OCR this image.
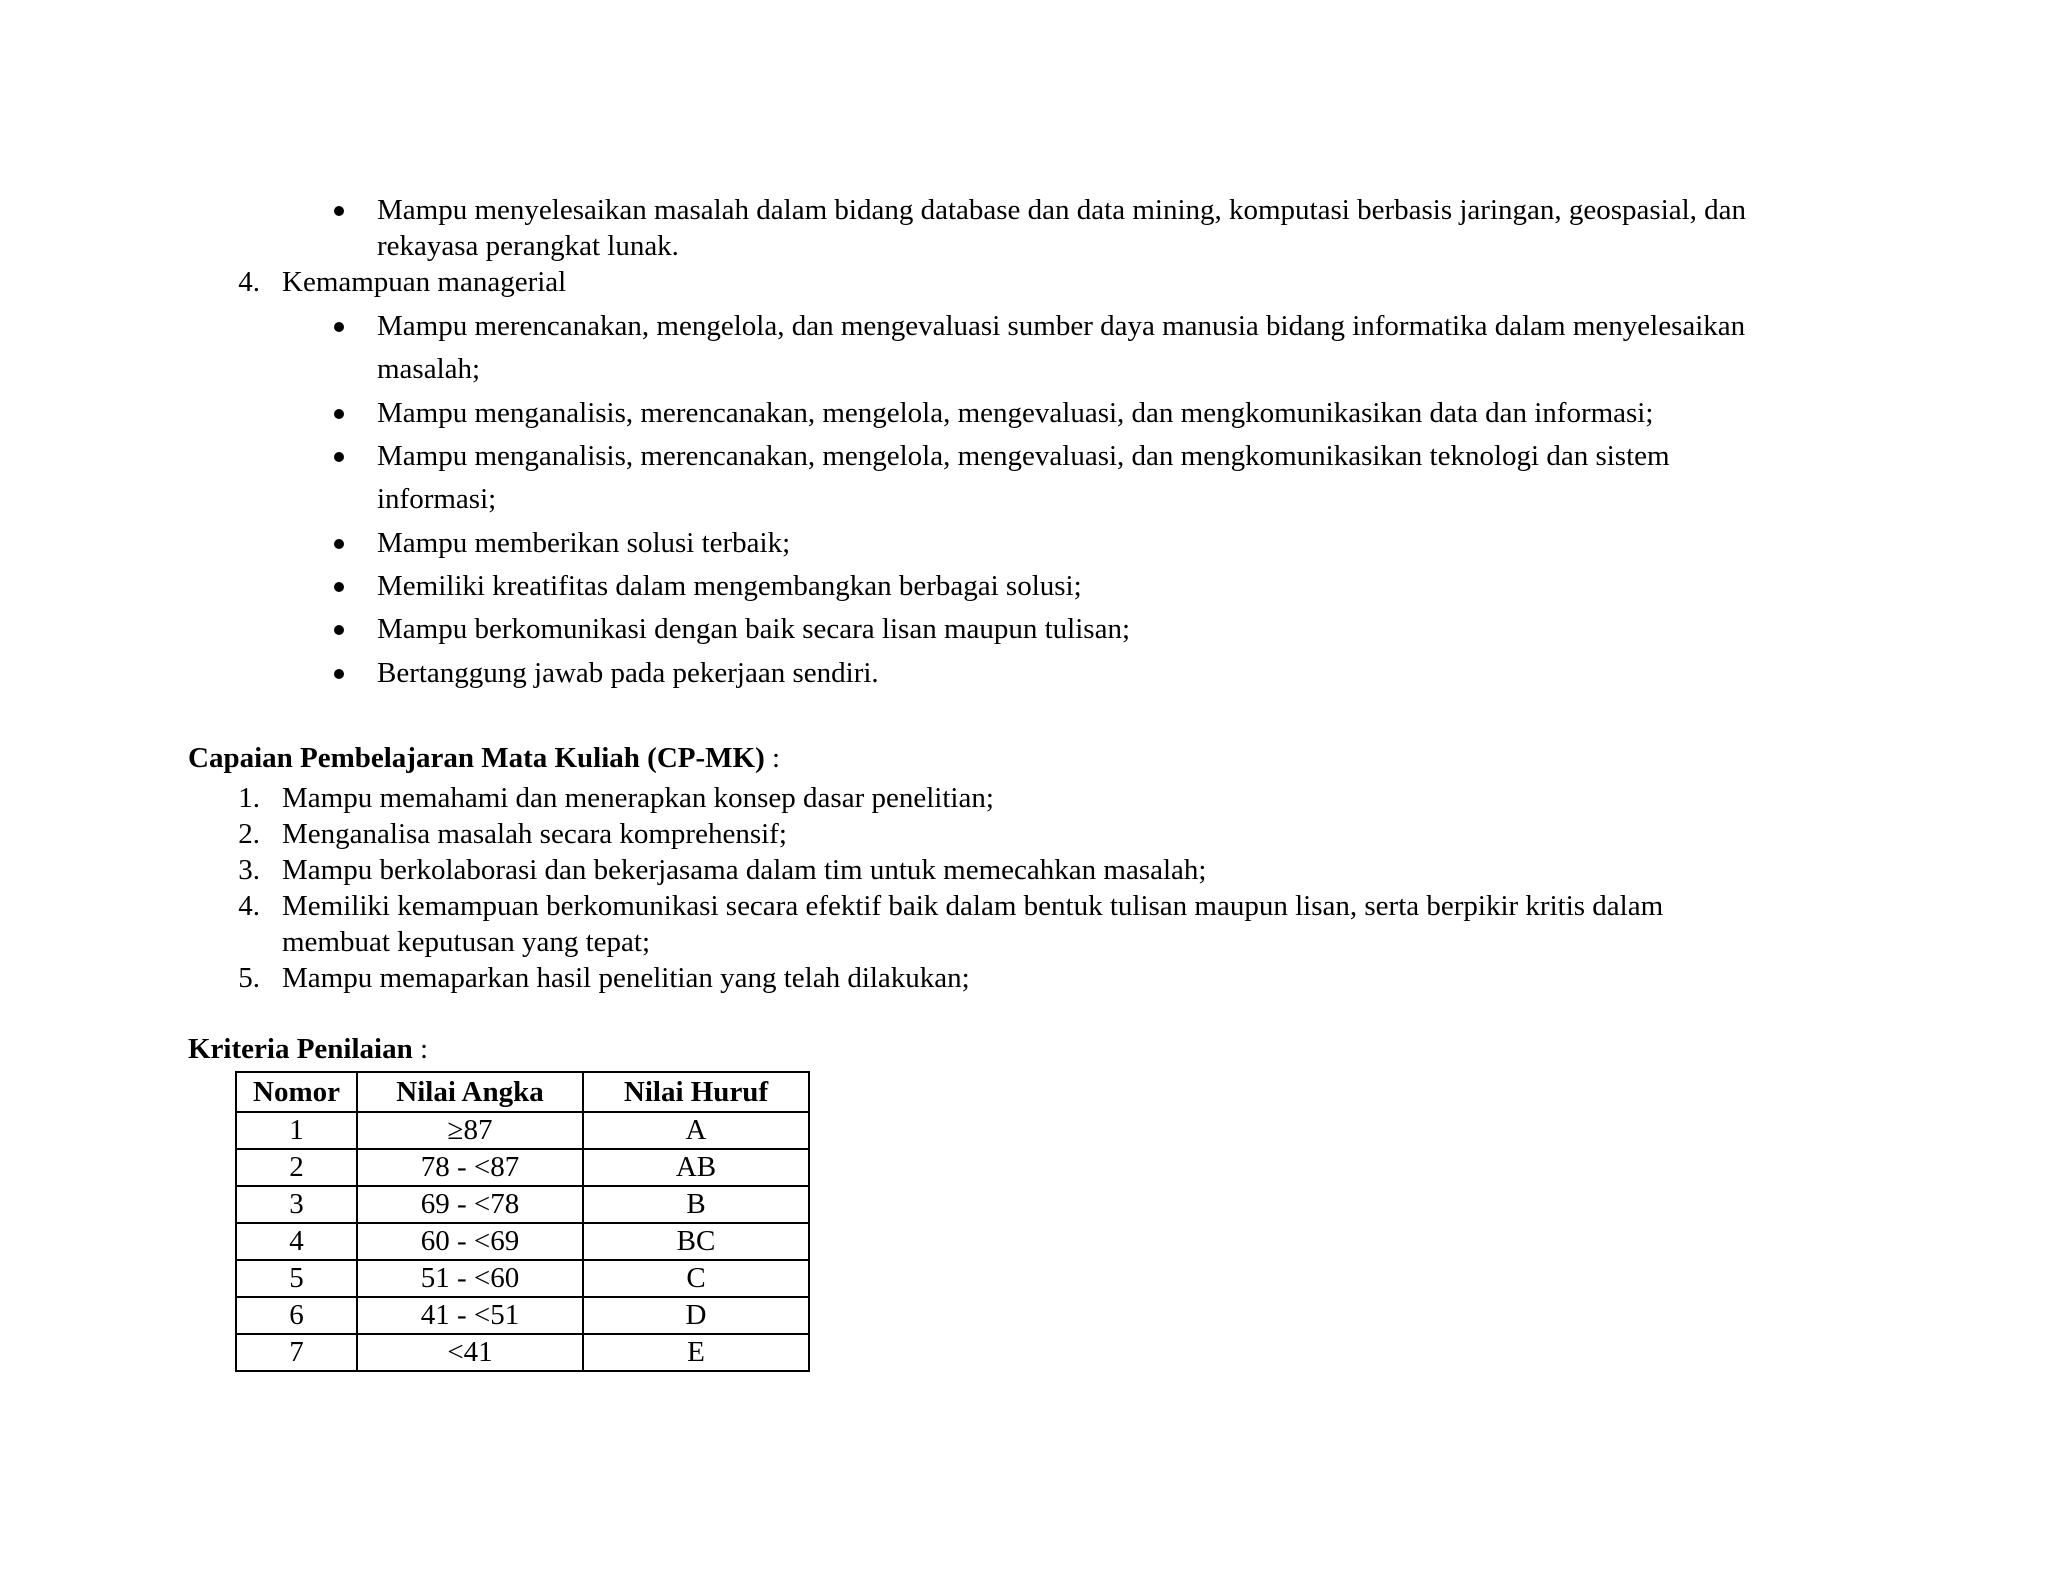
Mampu menyelesaikan masalah dalam bidang database dan data mining, komputasi berbasis jaringan, geospasial, dan
rekayasa perangkat lunak.
4. Kemampuan managerial
Mampu merencanakan, mengelola, dan mengevaluasi sumber daya manusia bidang informatika dalam menyelesaikan
masalah;
Mampu menganalisis, merencanakan, mengelola, mengevaluasi, dan mengkomunikasikan data dan informasi;
Mampu menganalisis, merencanakan, mengelola, mengevaluasi, dan mengkomunikasikan teknologi dan sistem
informasi;
Mampu memberikan solusi terbaik;
Memiliki kreatifitas dalam mengembangkan berbagai solusi;
Mampu berkomunikasi dengan baik secara lisan maupun tulisan;
Bertanggung jawab pada pekerjaan sendiri.
Capaian Pembelajaran Mata Kuliah (CP-MK) :
1. Mampu memahami dan menerapkan konsep dasar penelitian;
2. Menganalisa masalah secara komprehensif;
3. Mampu berkolaborasi dan bekerjasama dalam tim untuk memecahkan masalah;
4. Memiliki kemampuan berkomunikasi secara efektif baik dalam bentuk tulisan maupun lisan, serta berpikir kritis dalam
membuat keputusan yang tepat;
5. Mampu memaparkan hasil penelitian yang telah dilakukan;
Kriteria Penilaian :
Nomor	Nilai Angka	Nilai Huruf
1	≥87	A
2	78 - <87	AB
3	69 - <78	B
4	60 - <69	BC
5	51 - <60	C
6	41 - <51	D
7	<41	E
